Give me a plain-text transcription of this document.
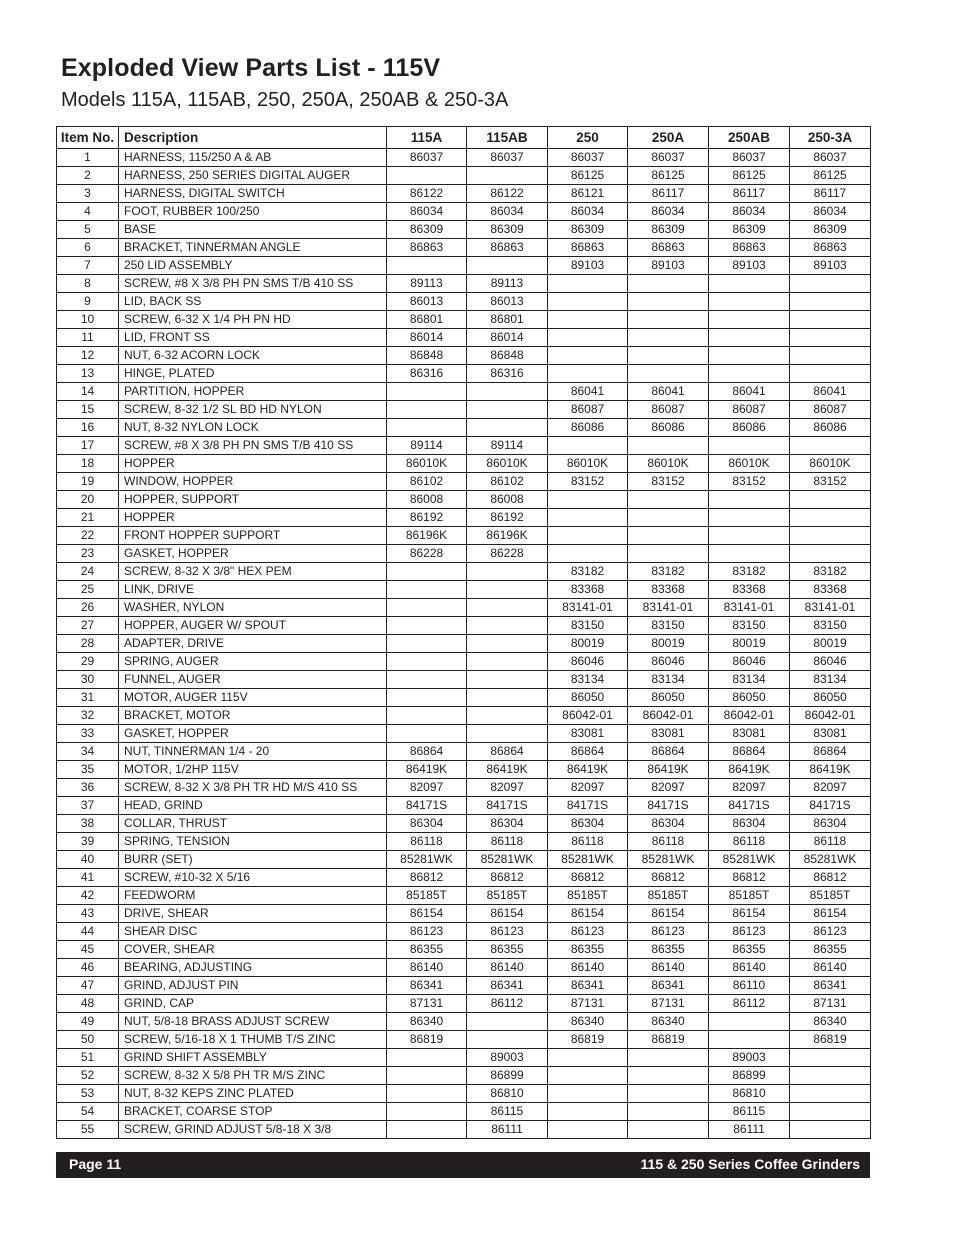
Exploded View Parts List - 115V
Models 115A, 115AB, 250, 250A, 250AB & 250-3A
Item No.	Description	115A	115AB	250	250A	250AB	250-3A
1	HARNESS, 115/250 A & AB	86037	86037	86037	86037	86037	86037
2	HARNESS, 250 SERIES DIGITAL AUGER			86125	86125	86125	86125
3	HARNESS, DIGITAL SWITCH	86122	86122	86121	86117	86117	86117
4	FOOT, RUBBER 100/250	86034	86034	86034	86034	86034	86034
5	BASE	86309	86309	86309	86309	86309	86309
6	BRACKET, TINNERMAN ANGLE	86863	86863	86863	86863	86863	86863
7	250 LID ASSEMBLY			89103	89103	89103	89103
8	SCREW, #8 X 3/8 PH PN SMS T/B 410 SS	89113	89113				
9	LID, BACK SS	86013	86013				
10	SCREW, 6-32 X 1/4 PH PN HD	86801	86801				
11	LID, FRONT SS	86014	86014				
12	NUT, 6-32 ACORN LOCK	86848	86848				
13	HINGE, PLATED	86316	86316				
14	PARTITION, HOPPER			86041	86041	86041	86041
15	SCREW, 8-32 1/2 SL BD HD NYLON			86087	86087	86087	86087
16	NUT, 8-32 NYLON LOCK			86086	86086	86086	86086
17	SCREW, #8 X 3/8 PH PN SMS T/B 410 SS	89114	89114				
18	HOPPER	86010K	86010K	86010K	86010K	86010K	86010K
19	WINDOW, HOPPER	86102	86102	83152	83152	83152	83152
20	HOPPER, SUPPORT	86008	86008				
21	HOPPER	86192	86192				
22	FRONT HOPPER SUPPORT	86196K	86196K				
23	GASKET, HOPPER	86228	86228				
24	SCREW, 8-32 X 3/8" HEX PEM			83182	83182	83182	83182
25	LINK, DRIVE			83368	83368	83368	83368
26	WASHER, NYLON			83141-01	83141-01	83141-01	83141-01
27	HOPPER, AUGER W/ SPOUT			83150	83150	83150	83150
28	ADAPTER, DRIVE			80019	80019	80019	80019
29	SPRING, AUGER			86046	86046	86046	86046
30	FUNNEL, AUGER			83134	83134	83134	83134
31	MOTOR, AUGER 115V			86050	86050	86050	86050
32	BRACKET, MOTOR			86042-01	86042-01	86042-01	86042-01
33	GASKET, HOPPER			83081	83081	83081	83081
34	NUT, TINNERMAN 1/4 - 20	86864	86864	86864	86864	86864	86864
35	MOTOR, 1/2HP 115V	86419K	86419K	86419K	86419K	86419K	86419K
36	SCREW, 8-32 X 3/8 PH TR HD M/S 410 SS	82097	82097	82097	82097	82097	82097
37	HEAD, GRIND	84171S	84171S	84171S	84171S	84171S	84171S
38	COLLAR, THRUST	86304	86304	86304	86304	86304	86304
39	SPRING, TENSION	86118	86118	86118	86118	86118	86118
40	BURR (SET)	85281WK	85281WK	85281WK	85281WK	85281WK	85281WK
41	SCREW, #10-32 X 5/16	86812	86812	86812	86812	86812	86812
42	FEEDWORM	85185T	85185T	85185T	85185T	85185T	85185T
43	DRIVE, SHEAR	86154	86154	86154	86154	86154	86154
44	SHEAR DISC	86123	86123	86123	86123	86123	86123
45	COVER, SHEAR	86355	86355	86355	86355	86355	86355
46	BEARING, ADJUSTING	86140	86140	86140	86140	86140	86140
47	GRIND, ADJUST PIN	86341	86341	86341	86341	86110	86341
48	GRIND, CAP	87131	86112	87131	87131	86112	87131
49	NUT, 5/8-18 BRASS ADJUST SCREW	86340		86340	86340		86340
50	SCREW, 5/16-18 X 1 THUMB T/S ZINC	86819		86819	86819		86819
51	GRIND SHIFT ASSEMBLY		89003			89003	
52	SCREW, 8-32 X 5/8 PH TR M/S ZINC		86899			86899	
53	NUT, 8-32 KEPS ZINC PLATED		86810			86810	
54	BRACKET, COARSE STOP		86115			86115	
55	SCREW, GRIND ADJUST 5/8-18 X 3/8		86111			86111	
Page 11	115 & 250 Series Coffee Grinders
